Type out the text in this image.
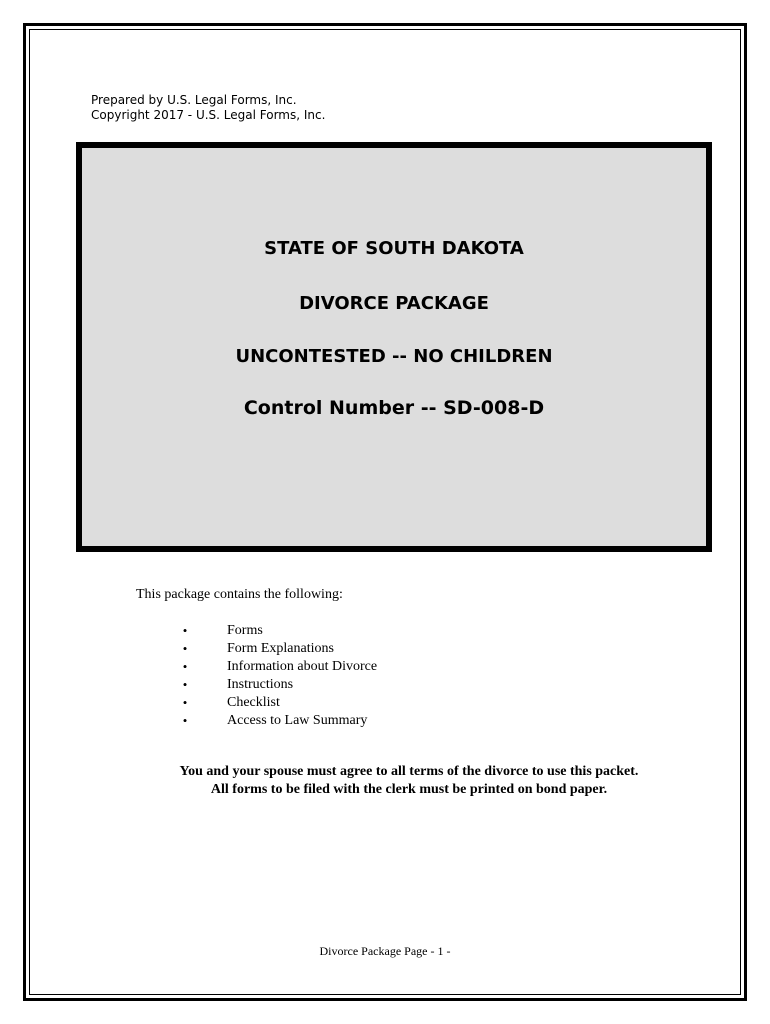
Prepared by U.S. Legal Forms, Inc.
Copyright 2017 - U.S. Legal Forms, Inc.
STATE OF SOUTH DAKOTA
DIVORCE PACKAGE
UNCONTESTED -- NO CHILDREN
Control Number -- SD-008-D
This package contains the following:
•	Forms
•	Form Explanations
•	Information about Divorce
•	Instructions
•	Checklist
•	Access to Law Summary
You and your spouse must agree to all terms of the divorce to use this packet.
All forms to be filed with the clerk must be printed on bond paper.
Divorce Package Page - 1 -
